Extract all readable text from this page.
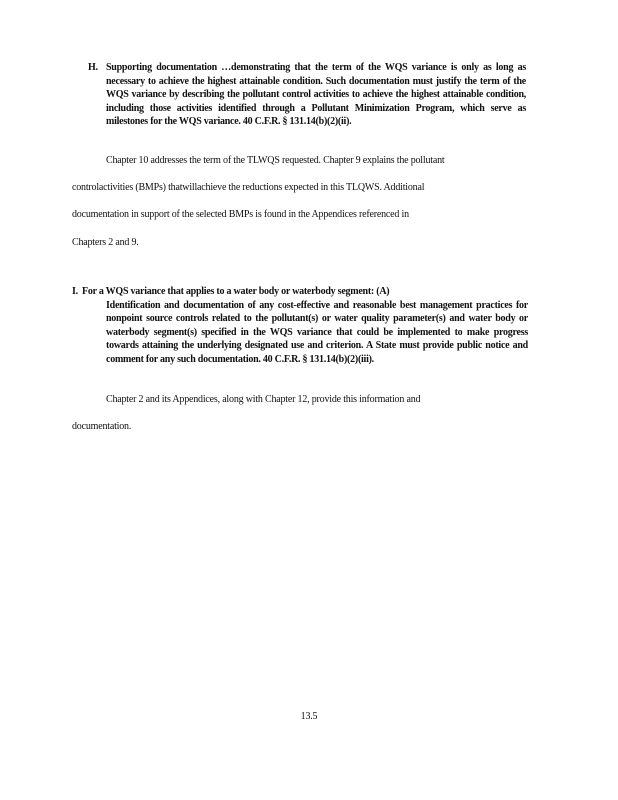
H. Supporting documentation …demonstrating that the term of the WQS variance is only as long as necessary to achieve the highest attainable condition. Such documentation must justify the term of the WQS variance by describing the pollutant control activities to achieve the highest attainable condition, including those activities identified through a Pollutant Minimization Program, which serve as milestones for the WQS variance. 40 C.F.R. § 131.14(b)(2)(ii).

Chapter 10 addresses the term of the TLWQS requested. Chapter 9 explains the pollutant

controlactivities (BMPs) thatwillachieve the reductions expected in this TLQWS. Additional

documentation in support of the selected BMPs is found in the Appendices referenced in

Chapters 2 and 9.

I. For a WQS variance that applies to a water body or waterbody segment: (A)
Identification and documentation of any cost-effective and reasonable best management practices for nonpoint source controls related to the pollutant(s) or water quality parameter(s) and water body or waterbody segment(s) specified in the WQS variance that could be implemented to make progress towards attaining the underlying designated use and criterion. A State must provide public notice and comment for any such documentation. 40 C.F.R. § 131.14(b)(2)(iii).

Chapter 2 and its Appendices, along with Chapter 12, provide this information and

documentation.

13.5
